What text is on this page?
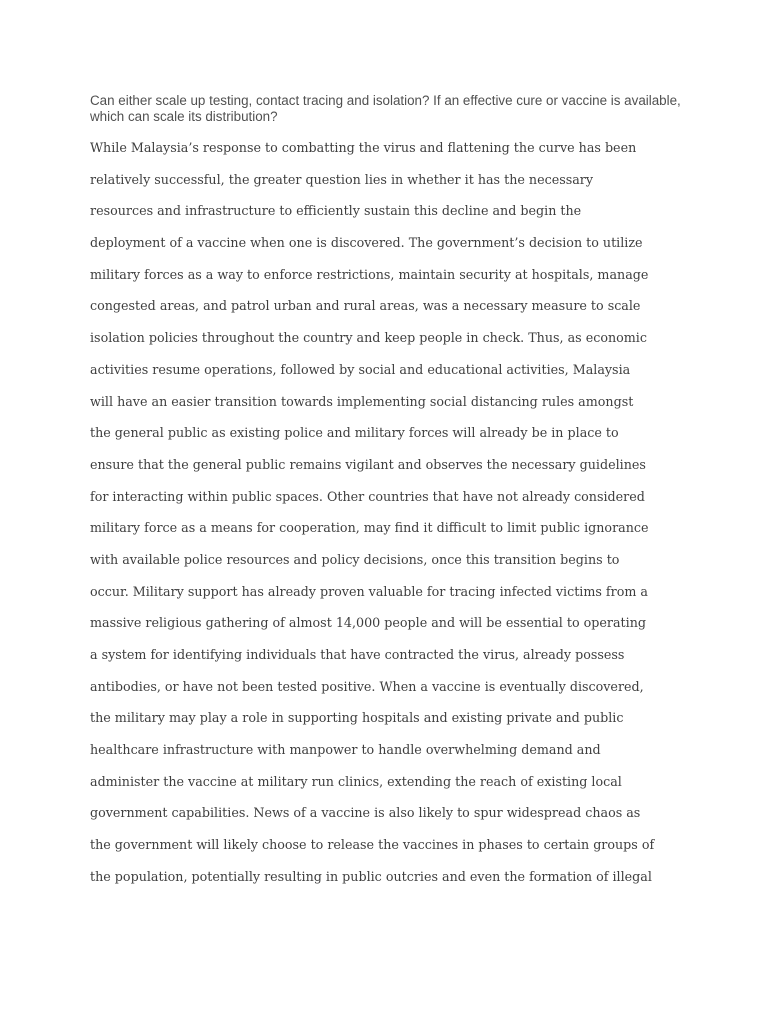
Can either scale up testing, contact tracing and isolation? If an effective cure or vaccine is available,
which can scale its distribution?

While Malaysia’s response to combatting the virus and flattening the curve has been
relatively successful, the greater question lies in whether it has the necessary
resources and infrastructure to efficiently sustain this decline and begin the
deployment of a vaccine when one is discovered. The government’s decision to utilize
military forces as a way to enforce restrictions, maintain security at hospitals, manage
congested areas, and patrol urban and rural areas, was a necessary measure to scale
isolation policies throughout the country and keep people in check. Thus, as economic
activities resume operations, followed by social and educational activities, Malaysia
will have an easier transition towards implementing social distancing rules amongst
the general public as existing police and military forces will already be in place to
ensure that the general public remains vigilant and observes the necessary guidelines
for interacting within public spaces. Other countries that have not already considered
military force as a means for cooperation, may find it difficult to limit public ignorance
with available police resources and policy decisions, once this transition begins to
occur. Military support has already proven valuable for tracing infected victims from a
massive religious gathering of almost 14,000 people and will be essential to operating
a system for identifying individuals that have contracted the virus, already possess
antibodies, or have not been tested positive. When a vaccine is eventually discovered,
the military may play a role in supporting hospitals and existing private and public
healthcare infrastructure with manpower to handle overwhelming demand and
administer the vaccine at military run clinics, extending the reach of existing local
government capabilities. News of a vaccine is also likely to spur widespread chaos as
the government will likely choose to release the vaccines in phases to certain groups of
the population, potentially resulting in public outcries and even the formation of illegal
